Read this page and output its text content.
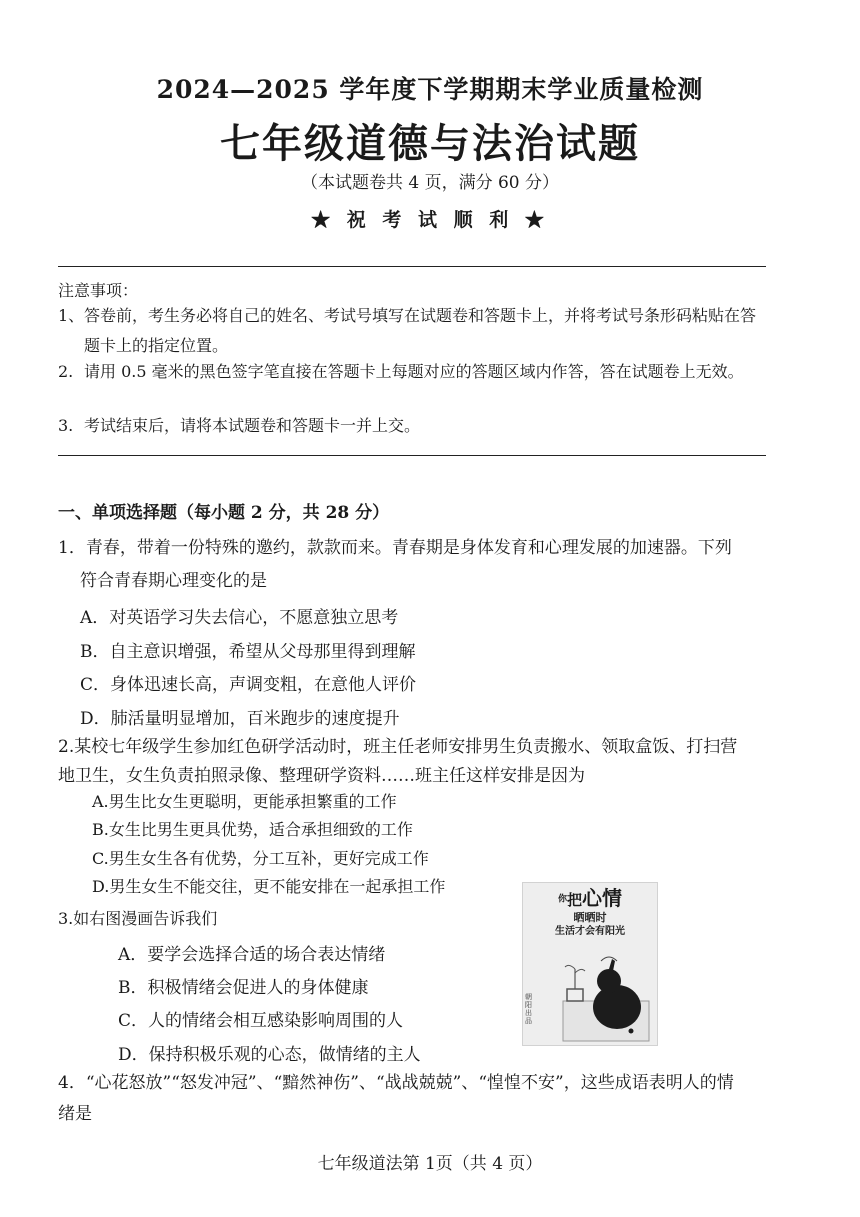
2024—2025 学年度下学期期末学业质量检测
七年级道德与法治试题
（本试题卷共 4 页，满分 60 分）
★ 祝 考 试 顺 利 ★
注意事项：
1、 答卷前，考生务必将自己的姓名、考试号填写在试题卷和答题卡上，并将考试号条形码粘贴在答题卡上的指定位置。
2. 请用 0.5 毫米的黑色签字笔直接在答题卡上每题对应的答题区域内作答，答在试题卷上无效。
3. 考试结束后，请将本试题卷和答题卡一并上交。
一、单项选择题（每小题 2 分，共 28 分）
1．青春，带着一份特殊的邀约，款款而来。青春期是身体发育和心理发展的加速器。下列
符合青春期心理变化的是
A．对英语学习失去信心，不愿意独立思考
B．自主意识增强，希望从父母那里得到理解
C．身体迅速长高，声调变粗，在意他人评价
D．肺活量明显增加，百米跑步的速度提升
2.某校七年级学生参加红色研学活动时，班主任老师安排男生负责搬水、领取盒饭、打扫营
地卫生，女生负责拍照录像、整理研学资料……班主任这样安排是因为
A.男生比女生更聪明，更能承担繁重的工作
B.女生比男生更具优势，适合承担细致的工作
C.男生女生各有优势，分工互补，更好完成工作
D.男生女生不能交往，更不能安排在一起承担工作
3.如右图漫画告诉我们
A．要学会选择合适的场合表达情绪
B．积极情绪会促进人的身体健康
C．人的情绪会相互感染影响周围的人
D．保持积极乐观的心态，做情绪的主人
你把心情
晒晒时
生活才会有阳光
朝阳出品
4．“心花怒放”“怒发冲冠”、“黯然神伤”、“战战兢兢”、“惶惶不安”，这些成语表明人的情
绪是
七年级道法第 1页（共 4 页）
